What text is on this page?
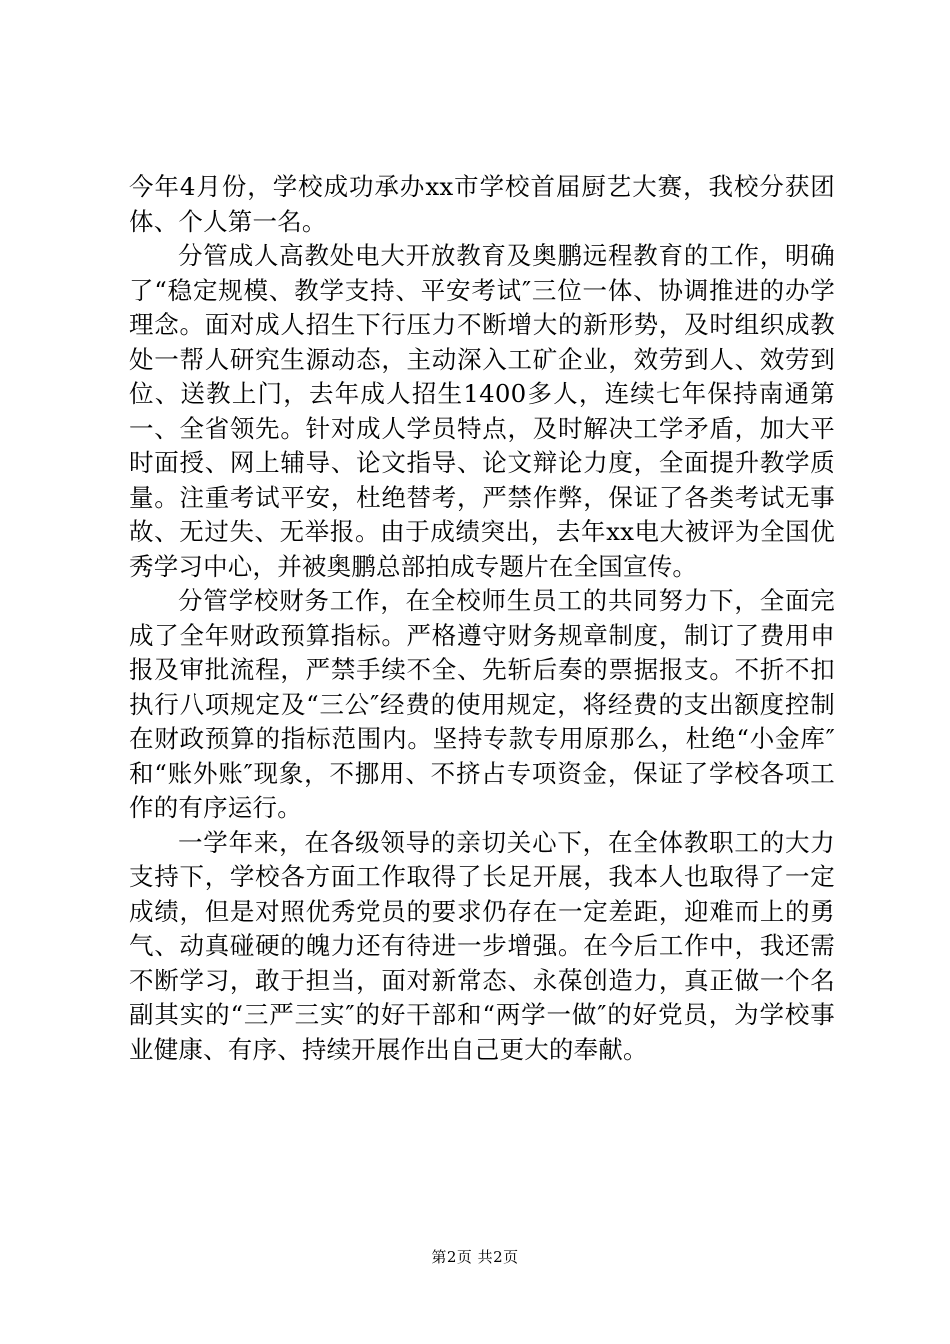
今年4月份，学校成功承办xx市学校首届厨艺大赛，我校分获团体、个人第一名。

分管成人高教处电大开放教育及奥鹏远程教育的工作，明确了“稳定规模、教学支持、平安考试″三位一体、协调推进的办学理念。面对成人招生下行压力不断增大的新形势，及时组织成教处一帮人研究生源动态，主动深入工矿企业，效劳到人、效劳到位、送教上门，去年成人招生1400多人，连续七年保持南通第一、全省领先。针对成人学员特点，及时解决工学矛盾，加大平时面授、网上辅导、论文指导、论文辩论力度，全面提升教学质量。注重考试平安，杜绝替考，严禁作弊，保证了各类考试无事故、无过失、无举报。由于成绩突出，去年xx电大被评为全国优秀学习中心，并被奥鹏总部拍成专题片在全国宣传。

分管学校财务工作，在全校师生员工的共同努力下，全面完成了全年财政预算指标。严格遵守财务规章制度，制订了费用申报及审批流程，严禁手续不全、先斩后奏的票据报支。不折不扣执行八项规定及“三公″经费的使用规定，将经费的支出额度控制在财政预算的指标范围内。坚持专款专用原那么，杜绝“小金库″和“账外账″现象，不挪用、不挤占专项资金，保证了学校各项工作的有序运行。

一学年来，在各级领导的亲切关心下，在全体教职工的大力支持下，学校各方面工作取得了长足开展，我本人也取得了一定成绩，但是对照优秀党员的要求仍存在一定差距，迎难而上的勇气、动真碰硬的魄力还有待进一步增强。在今后工作中，我还需不断学习，敢于担当，面对新常态、永葆创造力，真正做一个名副其实的“三严三实″的好干部和“两学一做″的好党员，为学校事业健康、有序、持续开展作出自己更大的奉献。

第2页 共2页
